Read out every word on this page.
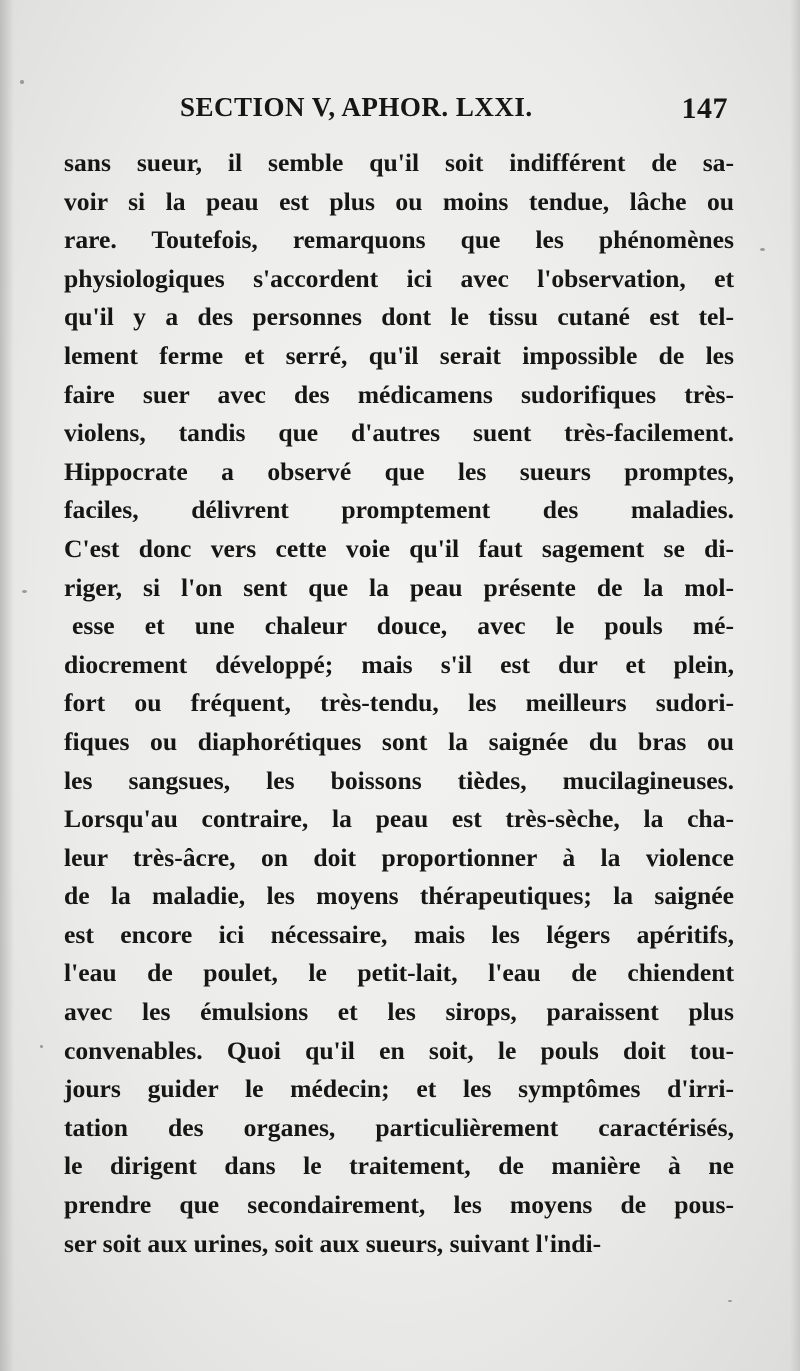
SECTION V, APHOR. LXXI.	147
sans sueur, il semble qu'il soit indifférent de sa-
voir si la peau est plus ou moins tendue, lâche ou
rare. Toutefois, remarquons que les phénomènes
physiologiques s'accordent ici avec l'observation, et
qu'il y a des personnes dont le tissu cutané est tel-
lement ferme et serré, qu'il serait impossible de les
faire suer avec des médicamens sudorifiques très-
violens, tandis que d'autres suent très-facilement.
Hippocrate a observé que les sueurs promptes,
faciles, délivrent promptement des maladies.
C'est donc vers cette voie qu'il faut sagement se di-
riger, si l'on sent que la peau présente de la mol-
esse et une chaleur douce, avec le pouls mé-
diocrement développé; mais s'il est dur et plein,
fort ou fréquent, très-tendu, les meilleurs sudori-
fiques ou diaphorétiques sont la saignée du bras ou
les sangsues, les boissons tièdes, mucilagineuses.
Lorsqu'au contraire, la peau est très-sèche, la cha-
leur très-âcre, on doit proportionner à la violence
de la maladie, les moyens thérapeutiques; la saignée
est encore ici nécessaire, mais les légers apéritifs,
l'eau de poulet, le petit-lait, l'eau de chiendent
avec les émulsions et les sirops, paraissent plus
convenables. Quoi qu'il en soit, le pouls doit tou-
jours guider le médecin; et les symptômes d'irri-
tation des organes, particulièrement caractérisés,
le dirigent dans le traitement, de manière à ne
prendre que secondairement, les moyens de pous-
ser soit aux urines, soit aux sueurs, suivant l'indi-
